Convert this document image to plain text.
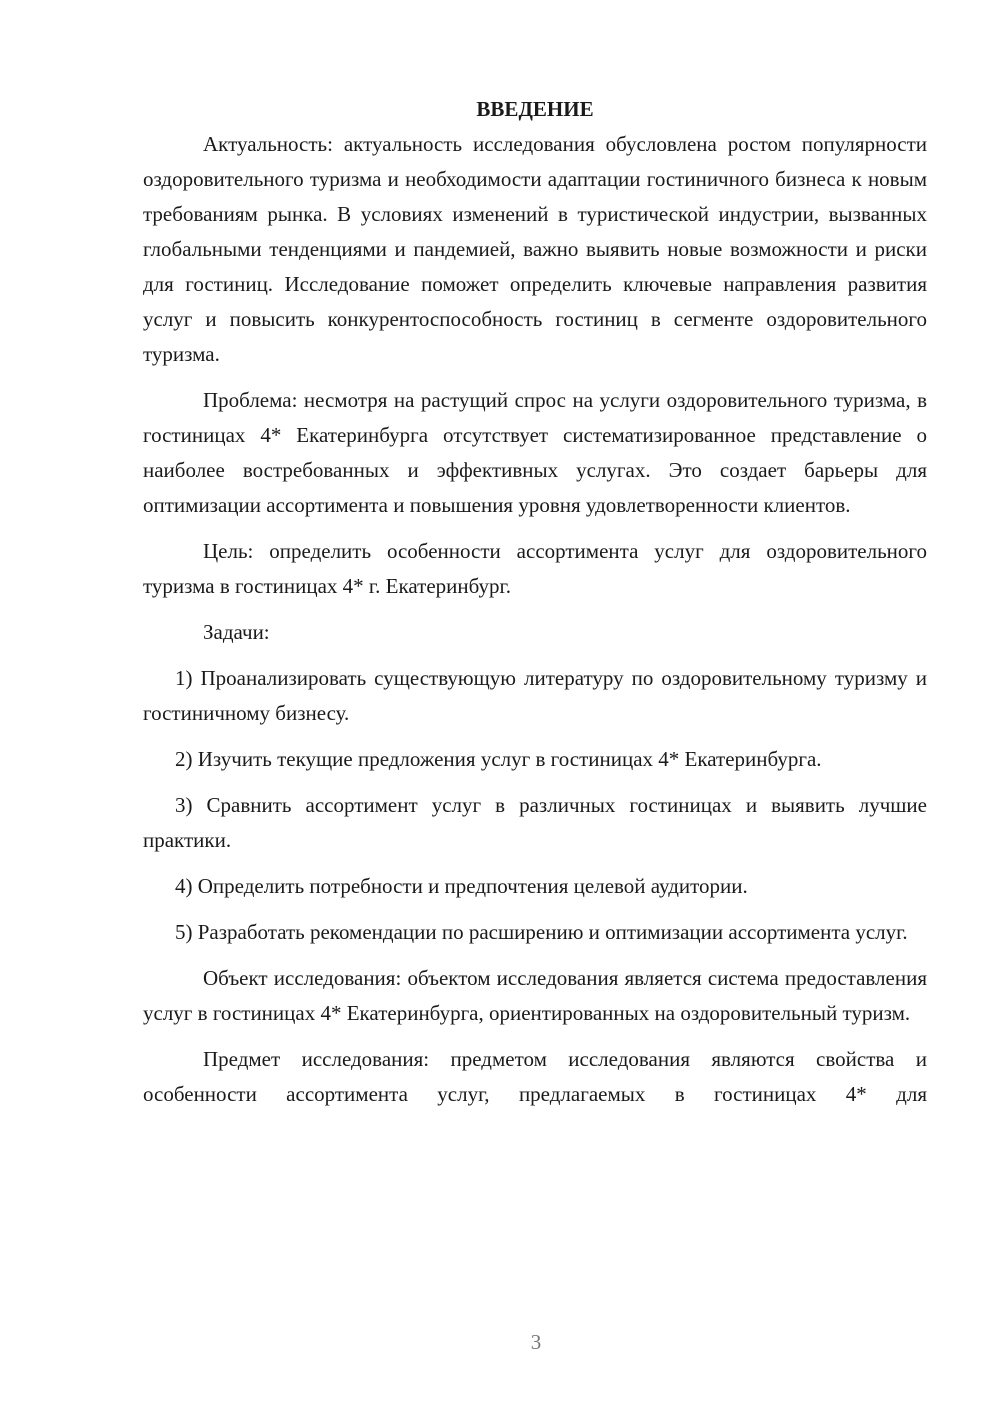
ВВЕДЕНИЕ

Актуальность: актуальность исследования обусловлена ростом популярности оздоровительного туризма и необходимости адаптации гостиничного бизнеса к новым требованиям рынка. В условиях изменений в туристической индустрии, вызванных глобальными тенденциями и пандемией, важно выявить новые возможности и риски для гостиниц. Исследование поможет определить ключевые направления развития услуг и повысить конкурентоспособность гостиниц в сегменте оздоровительного туризма.

Проблема: несмотря на растущий спрос на услуги оздоровительного туризма, в гостиницах 4* Екатеринбурга отсутствует систематизированное представление о наиболее востребованных и эффективных услугах. Это создает барьеры для оптимизации ассортимента и повышения уровня удовлетворенности клиентов.

Цель: определить особенности ассортимента услуг для оздоровительного туризма в гостиницах 4* г. Екатеринбург.

Задачи:

1) Проанализировать существующую литературу по оздоровительному туризму и гостиничному бизнесу.

2) Изучить текущие предложения услуг в гостиницах 4* Екатеринбурга.

3) Сравнить ассортимент услуг в различных гостиницах и выявить лучшие практики.

4) Определить потребности и предпочтения целевой аудитории.

5) Разработать рекомендации по расширению и оптимизации ассортимента услуг.

Объект исследования: объектом исследования является система предоставления услуг в гостиницах 4* Екатеринбурга, ориентированных на оздоровительный туризм.

Предмет исследования: предметом исследования являются свойства и особенности ассортимента услуг, предлагаемых в гостиницах 4* для

3
